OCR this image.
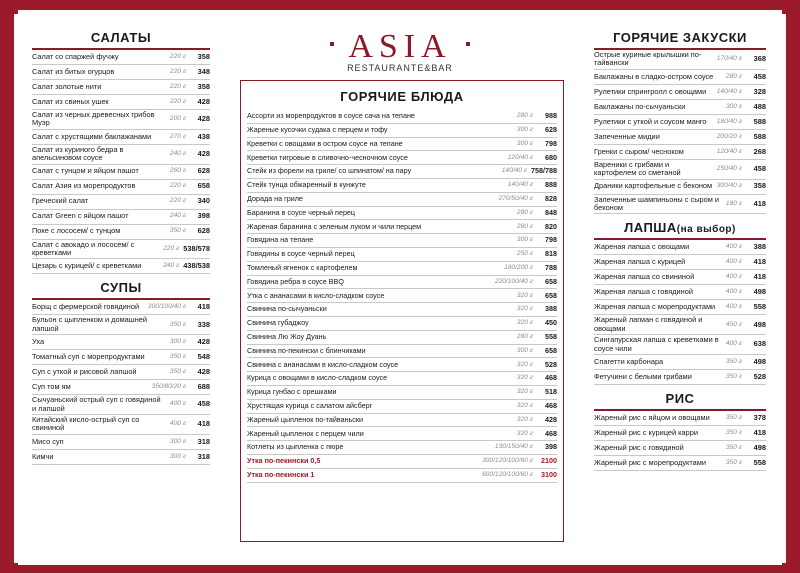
ASIA
RESTAURANTE&BAR
САЛАТЫ
Салат со спаржей фучжу	220 г	358
Салат из битых огурцов	220 г	348
Салат золотые нити	220 г	358
Салат из свиных ушек	220 г	428
Салат из черных древесных грибов Муэр	200 г	428
Салат с хрустящими баклажанами	270 г	438
Салат из куриного бедра в апельсиновом соусе	240 г	428
Салат с тунцом и яйцом пашот	260 г	628
Салат Азия из морепродуктов	220 г	658
Греческий салат	220 г	340
Салат Green с яйцом пашот	240 г	398
Поке с лососем/ с тунцом	350 г	628
Салат с авокадо и лососем/ с креветками	220 г 538/578
Цезарь с курицей/ с креветками	240 г 438/538
СУПЫ
Борщ с фермерской говядиной	300/100/40 г	418
Бульон с цыпленком и домашней лапшой	350 г	338
Уха	300 г	428
Томатный суп с морепродуктами	350 г	548
Суп с уткой и рисовой лапшой	350 г	428
Суп том ям	350/80/20 г	688
Сычуаньский острый суп с говядиной и лапшой	400 г	458
Китайский кисло-острый суп со свининой	400 г	418
Мисо суп	300 г	318
Кимчи	300 г	318
ГОРЯЧИЕ БЛЮДА
Ассорти из морепродуктов в соусе сача на тепане	280 г	988
Жареные кусочки судака с перцем и тофу	300 г	628
Креветки с овощами в остром соусе на тепане	300 г	798
Креветки тигровые в сливочно-чесночном соусе	120/40 г	680
Стейк из форели на гриле/ со шпинатом/ на пару	140/40 г 758/788
Стейк тунца обжаренный в кунжуте	140/40 г	888
Дорада на гриле	270/50/40 г	828
Баранина в соусе черный перец	280 г	848
Жареная баранина с зеленым луком и чили перцем	280 г	820
Говядина на тепане	300 г	798
Говядины в соусе черный перец	250 г	818
Томленый ягненок с картофелем	180/200 г	788
Говядина ребра в соусе BBQ	220/100/40 г	658
Утка с ананасами в кисло-сладком соусе	320 г	658
Свинина по-сычуаньски	320 г	388
Свинина губаджоу	320 г	450
Свинина Лю Жоу Дуань	280 г	558
Свинина по-пекински с блинчиками	300 г	658
Свинина с ананасами в кисло-сладком соусе	320 г	528
Курица с овощами в кисло-сладком соусе	320 г	468
Курица гунбао с орешками	320 г	518
Хрустящая курица с салатом айсберг	320 г	468
Жареный цыпленок по-тайваньски	320 г	428
Жареный цыпленок с перцем чили	320 г	468
Котлеты из цыпленка с пюре	130/150/40 г	398
Утка по-пекински 0,5	300/120/100/60 г	2100
Утка по-пекински 1	600/120/100/60 г	3100
ГОРЯЧИЕ ЗАКУСКИ
Острые куриные крылышки по-тайвански	170/40 г	368
Баклажаны в сладко-остром соусе	280 г	458
Рулетики спрингролл с овощами	140/40 г	328
Баклажаны по-сычуаньски	300 г	488
Рулетики с уткой и соусом манго	180/40 г	588
Запеченные мидии	200/20 г	588
Гренки с сыром/ чесноком	120/40 г	268
Вареники с грибами и картофелем со сметаной	250/40 г	458
Драники картофельные с беконом 300/40 г	358
Запеченные шампиньоны с сыром и беконом	180 г	418
ЛАПША(на выбор)
Жареная лапша с овощами	400 г	388
Жареная лапша с курицей	400 г	418
Жареная лапша со свининой	400 г	418
Жареная лапша с говядиной	400 г	498
Жареная лапша с морепродуктами	400 г	558
Жареный лагман с говядиной и овощами	450 г	498
Сингапурская лапша с креветками в соусе чили	400 г	638
Спагетти карбонара	350 г	498
Фетучини с белыми грибами	350 г	528
РИС
Жареный рис с яйцом и овощами	350 г	378
Жареный рис с курицей карри	350 г	418
Жареный рис с говядиной	350 г	498
Жареный рис с морепродуктами	350 г	558
